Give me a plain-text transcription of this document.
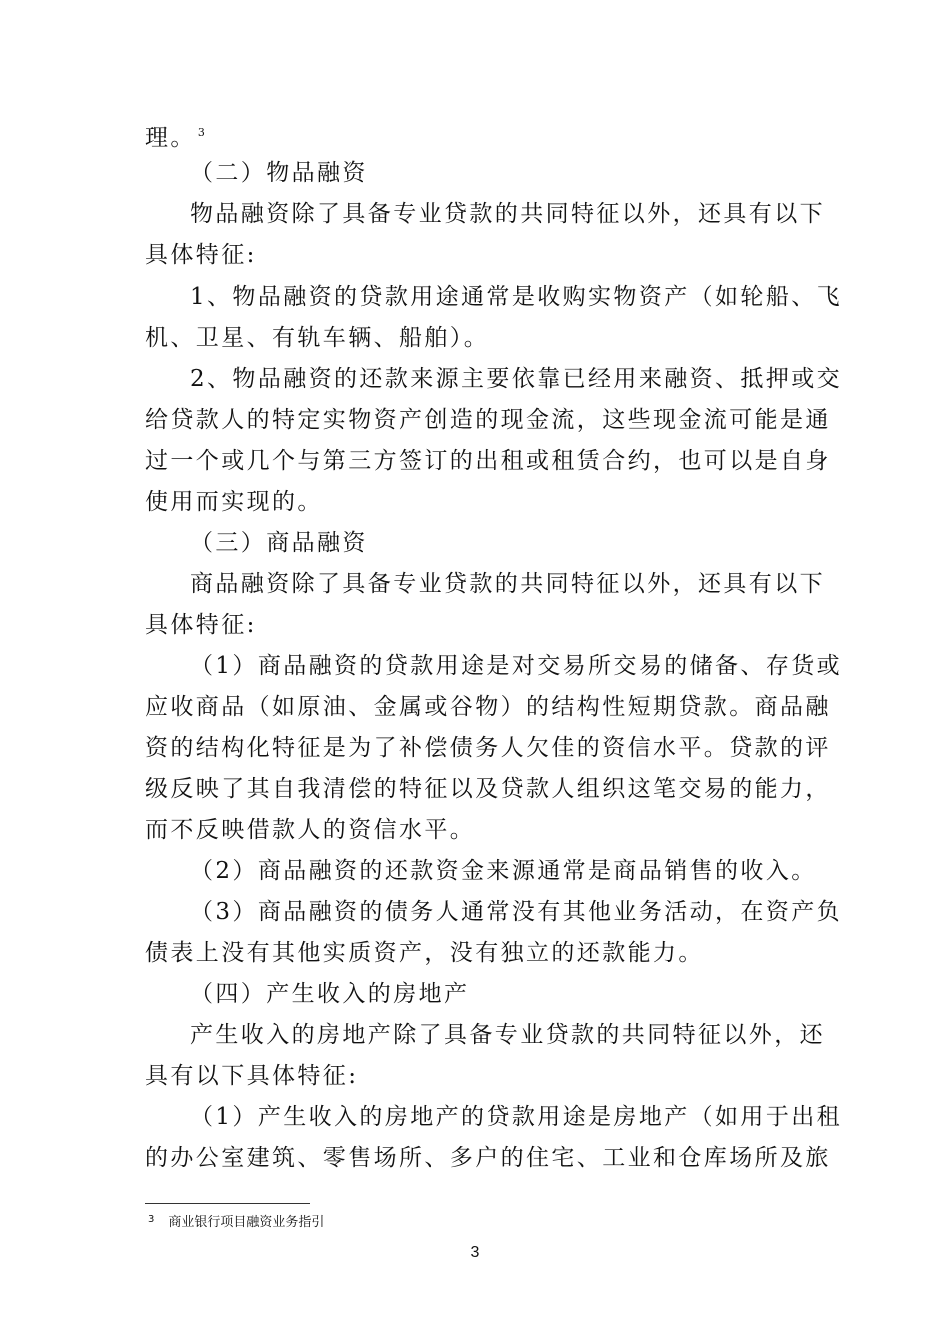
理。 $^3$
（二）物品融资
物品融资除了具备专业贷款的共同特征以外，还具有以下
具体特征:
1、物品融资的贷款用途通常是收购实物资产（如轮船、飞
机、卫星、有轨车辆、船舶）。
2、物品融资的还款来源主要依靠已经用来融资、抵押或交
给贷款人的特定实物资产创造的现金流，这些现金流可能是通
过一个或几个与第三方签订的出租或租赁合约，也可以是自身
使用而实现的。
（三）商品融资
商品融资除了具备专业贷款的共同特征以外，还具有以下
具体特征:
（1）商品融资的贷款用途是对交易所交易的储备、存货或
应收商品（如原油、金属或谷物）的结构性短期贷款。商品融
资的结构化特征是为了补偿债务人欠佳的资信水平。贷款的评
级反映了其自我清偿的特征以及贷款人组织这笔交易的能力，
而不反映借款人的资信水平。
（2）商品融资的还款资金来源通常是商品销售的收入。
（3）商品融资的债务人通常没有其他业务活动，在资产负
债表上没有其他实质资产，没有独立的还款能力。
（四）产生收入的房地产
产生收入的房地产除了具备专业贷款的共同特征以外，还
具有以下具体特征:
（1）产生收入的房地产的贷款用途是房地产（如用于出租
的办公室建筑、零售场所、多户的住宅、工业和仓库场所及旅
$^3$ 商业银行项目融资业务指引
3
